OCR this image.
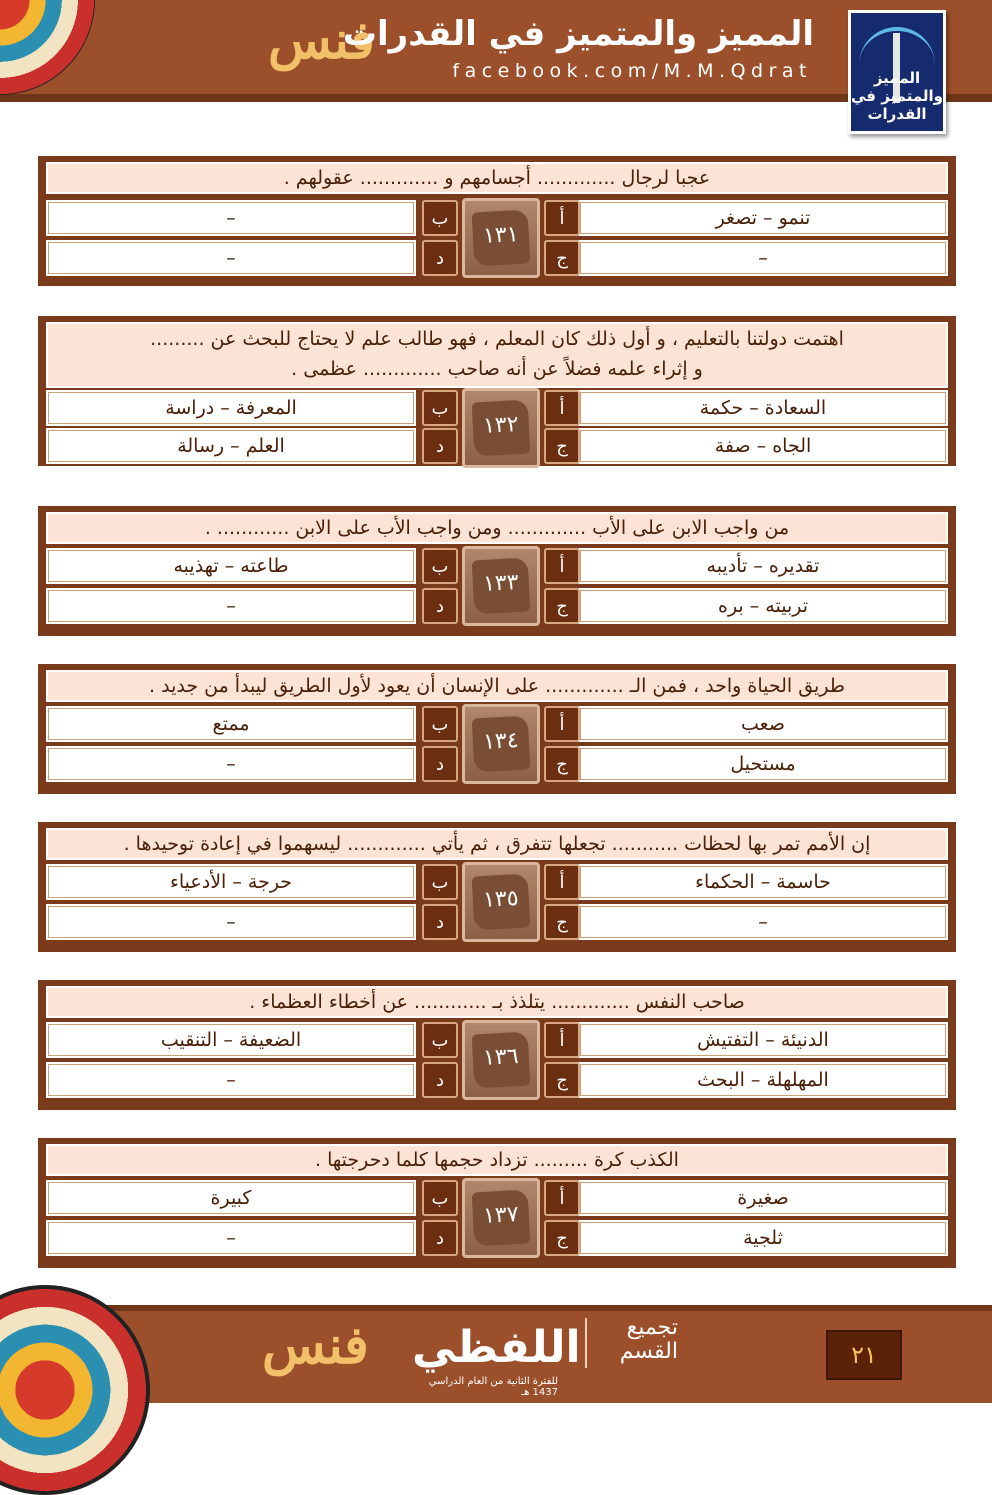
فنس
المميز والمتميز في القدرات
facebook.com/M.M.Qdrat	المميز والمتميز في القدرات
عجبا لرجال ............. أجسامهم و ............. عقولهم .
تنمو – تصغر
أ
–	ب
١٣١
–
ج
–	د
اهتمت دولتنا بالتعليم ، و أول ذلك كان المعلم ، فهو طالب علم لا يحتاج للبحث عن ......... و إثراء علمه فضلاً عن أنه صاحب ............. عظمى .
السعادة – حكمة
أ
المعرفة – دراسة	ب
١٣٢
الجاه – صفة
ج
العلم – رسالة	د
من واجب الابن على الأب ............. ومن واجب الأب على الابن ............ .
تقديره – تأديبه
أ
طاعته – تهذيبه	ب
١٣٣
تربيته – بره
ج
–	د
طريق الحياة واحد ، فمن الـ ............. على الإنسان أن يعود لأول الطريق ليبدأ من جديد .
صعب
أ
ممتع	ب
١٣٤
مستحيل
ج
–	د
إن الأمم تمر بها لحظات ........... تجعلها تتفرق ، ثم يأتي ............. ليسهموا في إعادة توحيدها .
حاسمة – الحكماء
أ
حرجة – الأدعياء	ب
١٣٥
–
ج
–	د
صاحب النفس ............. يتلذذ بـ ............ عن أخطاء العظماء .
الدنيئة – التفتيش
أ
الضعيفة – التنقيب	ب
١٣٦
المهلهلة – البحث
ج
–	د
الكذب كرة ......... تزداد حجمها كلما دحرجتها .
صغيرة
أ
كبيرة	ب
١٣٧
ثلجية
ج
–	د
فنس اللفظي
للفترة الثانية من العام الدراسي 1437 هـ
تجميع
القسم	٢١
